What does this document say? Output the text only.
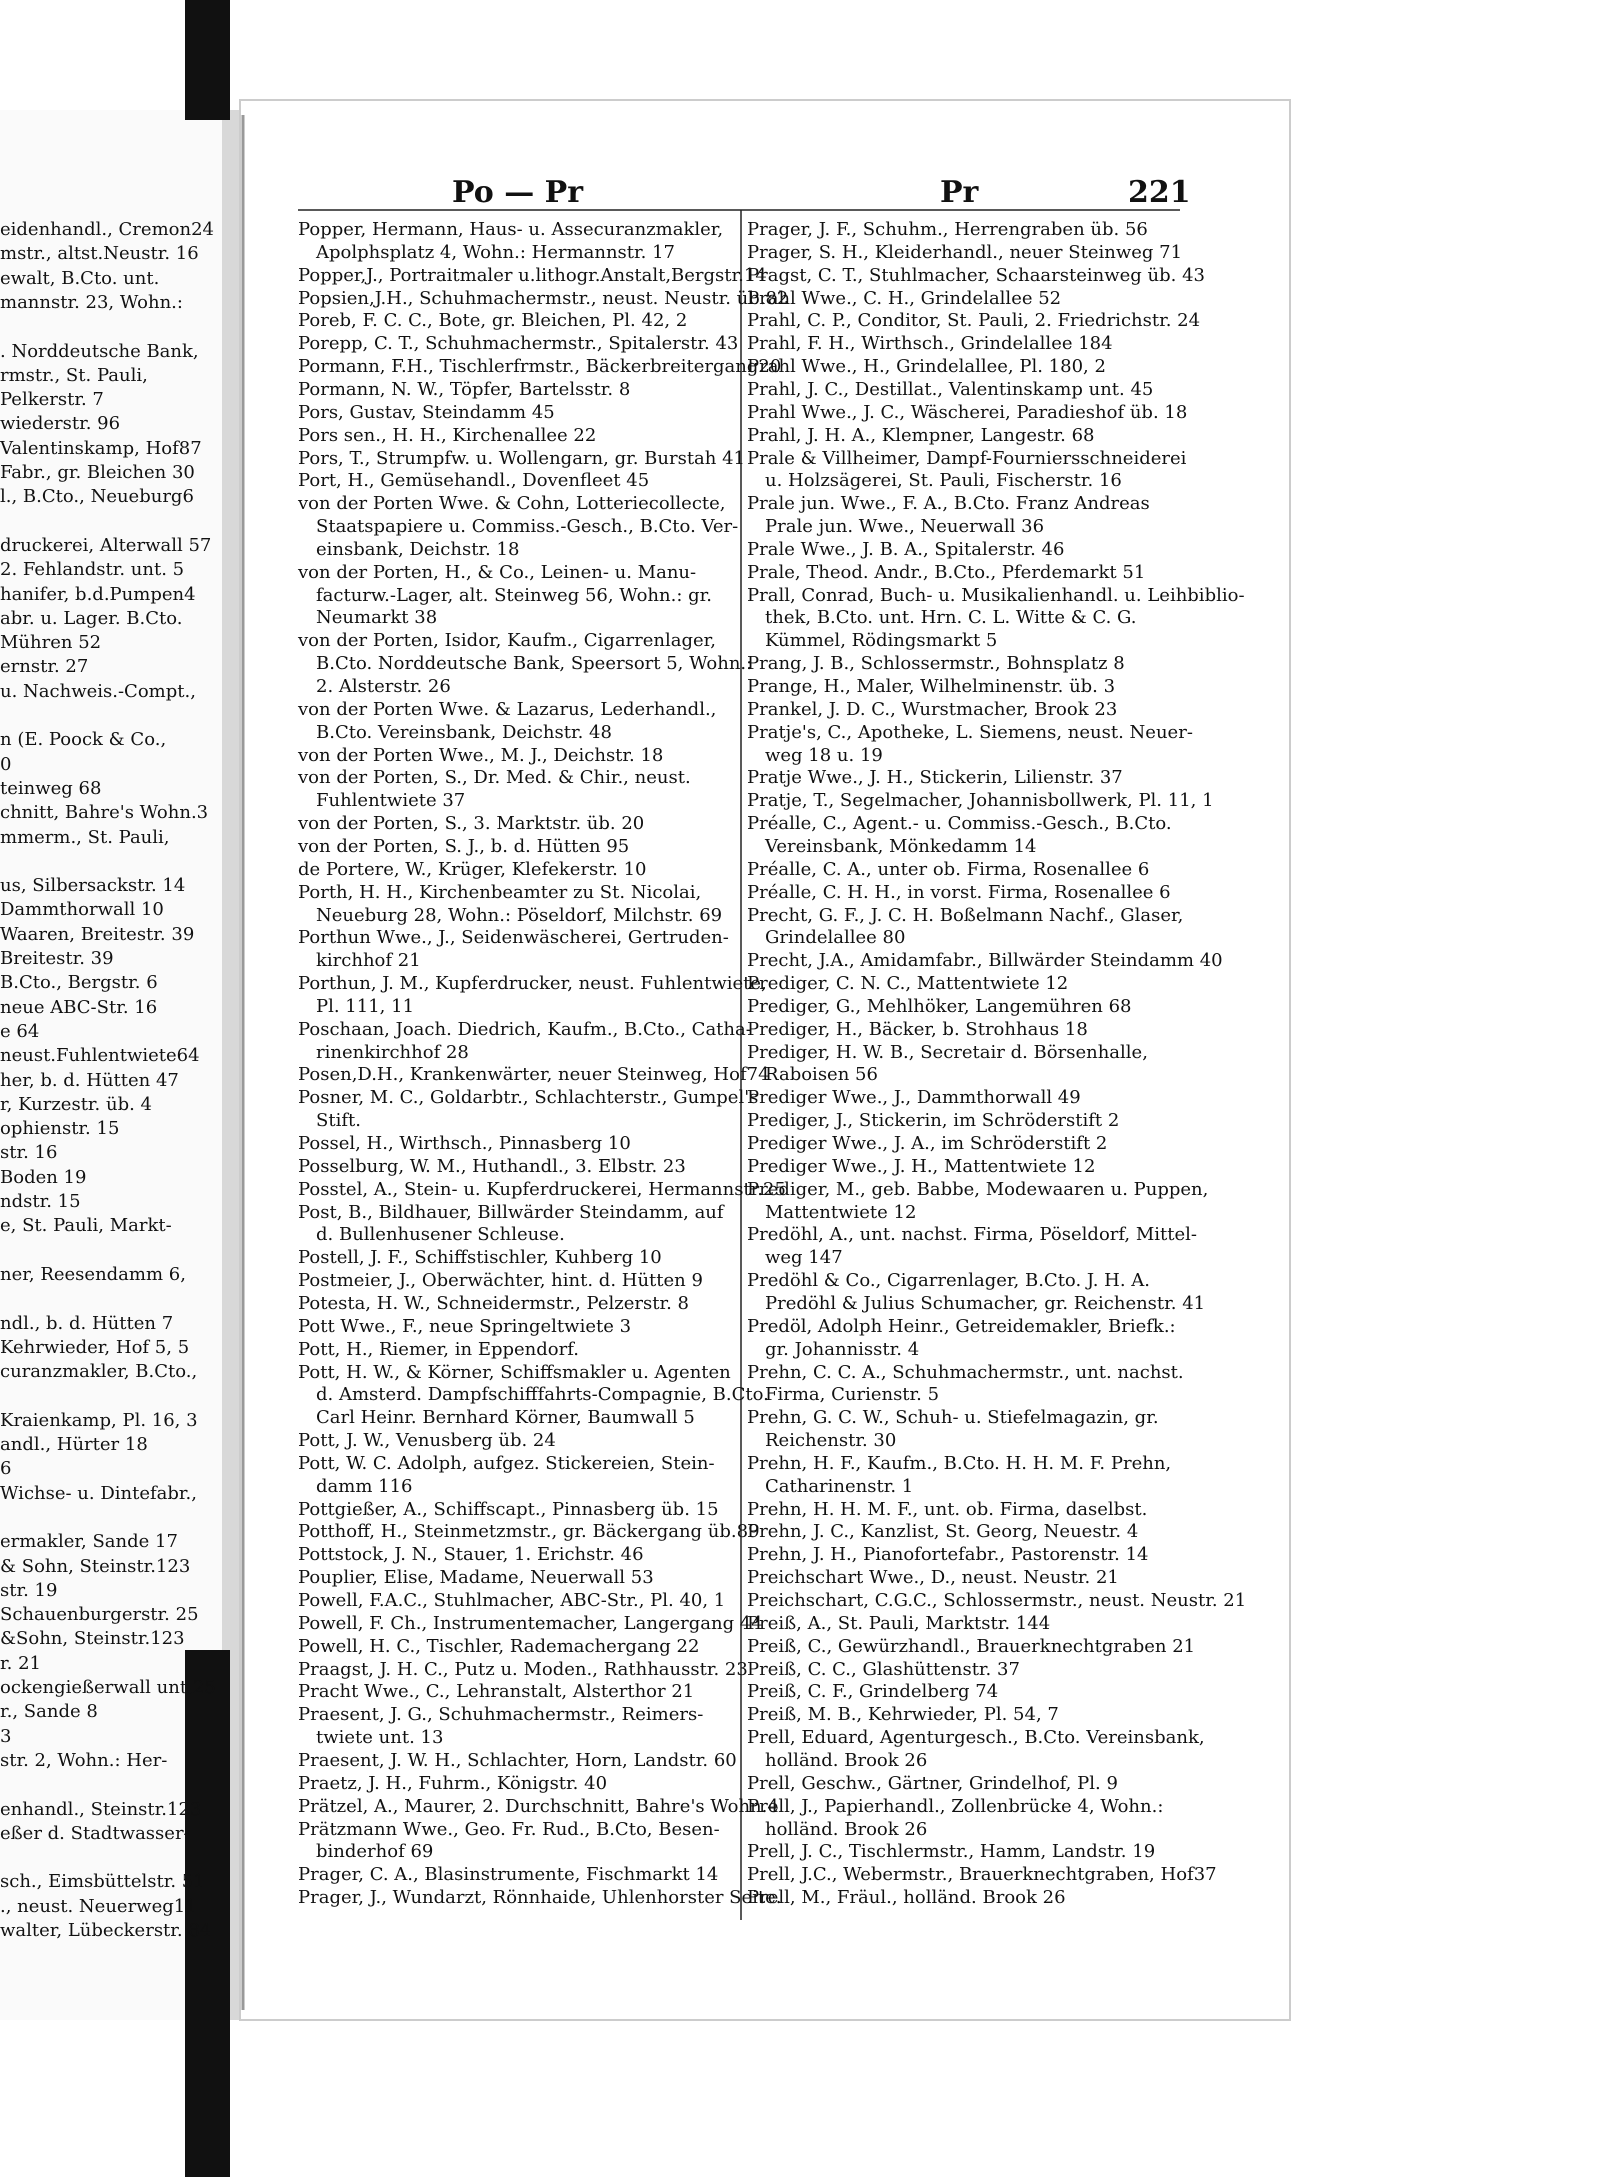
Po — Pr	Pr	221
eidenhandl., Cremon24
mstr., altst.Neustr. 16
ewalt, B.Cto. unt.
mannstr. 23, Wohn.:
. Norddeutsche Bank,
rmstr., St. Pauli,
Pelkerstr. 7
wiederstr. 96
Valentinskamp, Hof87
Fabr., gr. Bleichen 30
l., B.Cto., Neueburg6
druckerei, Alterwall 57
2. Fehlandstr. unt. 5
hanifer, b.d.Pumpen4
abr. u. Lager. B.Cto.
Mühren 52
ernstr. 27
u. Nachweis.-Compt.,
n (E. Poock & Co.,
0
teinweg 68
chnitt, Bahre's Wohn.3
mmerm., St. Pauli,
us, Silbersackstr. 14
Dammthorwall 10
Waaren, Breitestr. 39
Breitestr. 39
B.Cto., Bergstr. 6
neue ABC-Str. 16
e 64
neust.Fuhlentwiete64
her, b. d. Hütten 47
r, Kurzestr. üb. 4
ophienstr. 15
str. 16
Boden 19
ndstr. 15
e, St. Pauli, Markt-
ner, Reesendamm 6,
ndl., b. d. Hütten 7
Kehrwieder, Hof 5, 5
curanzmakler, B.Cto.,
Kraienkamp, Pl. 16, 3
andl., Hürter 18
6
Wichse- u. Dintefabr.,
ermakler, Sande 17
& Sohn, Steinstr.123
str. 19
Schauenburgerstr. 25
&Sohn, Steinstr.123
r. 21
ockengießerwall unt.25
r., Sande 8
3
str. 2, Wohn.: Her-
enhandl., Steinstr.123
eßer d. Stadtwasser-
sch., Eimsbüttelstr. 51
., neust. Neuerweg11
walter, Lübeckerstr. 84
Popper, Hermann, Haus- u. Assecuranzmakler,
 Apolphsplatz 4, Wohn.: Hermannstr. 17
Popper,J., Portraitmaler u.lithogr.Anstalt,Bergstr.14
Popsien,J.H., Schuhmachermstr., neust. Neustr. üb.82
Poreb, F. C. C., Bote, gr. Bleichen, Pl. 42, 2
Porepp, C. T., Schuhmachermstr., Spitalerstr. 43
Pormann, F.H., Tischlerfrmstr., Bäckerbreitergang20
Pormann, N. W., Töpfer, Bartelsstr. 8
Pors, Gustav, Steindamm 45
Pors sen., H. H., Kirchenallee 22
Pors, T., Strumpfw. u. Wollengarn, gr. Burstah 41
Port, H., Gemüsehandl., Dovenfleet 45
von der Porten Wwe. & Cohn, Lotteriecollecte,
 Staatspapiere u. Commiss.-Gesch., B.Cto. Ver-
 einsbank, Deichstr. 18
von der Porten, H., & Co., Leinen- u. Manu-
 facturw.-Lager, alt. Steinweg 56, Wohn.: gr.
 Neumarkt 38
von der Porten, Isidor, Kaufm., Cigarrenlager,
 B.Cto. Norddeutsche Bank, Speersort 5, Wohn.:
 2. Alsterstr. 26
von der Porten Wwe. & Lazarus, Lederhandl.,
 B.Cto. Vereinsbank, Deichstr. 48
von der Porten Wwe., M. J., Deichstr. 18
von der Porten, S., Dr. Med. & Chir., neust.
 Fuhlentwiete 37
von der Porten, S., 3. Marktstr. üb. 20
von der Porten, S. J., b. d. Hütten 95
de Portere, W., Krüger, Klefekerstr. 10
Porth, H. H., Kirchenbeamter zu St. Nicolai,
 Neueburg 28, Wohn.: Pöseldorf, Milchstr. 69
Porthun Wwe., J., Seidenwäscherei, Gertruden-
 kirchhof 21
Porthun, J. M., Kupferdrucker, neust. Fuhlentwiete,
 Pl. 111, 11
Poschaan, Joach. Diedrich, Kaufm., B.Cto., Catha-
 rinenkirchhof 28
Posen,D.H., Krankenwärter, neuer Steinweg, Hof74
Posner, M. C., Goldarbtr., Schlachterstr., Gumpel's
 Stift.
Possel, H., Wirthsch., Pinnasberg 10
Posselburg, W. M., Huthandl., 3. Elbstr. 23
Posstel, A., Stein- u. Kupferdruckerei, Hermannstr.25
Post, B., Bildhauer, Billwärder Steindamm, auf
 d. Bullenhusener Schleuse.
Postell, J. F., Schiffstischler, Kuhberg 10
Postmeier, J., Oberwächter, hint. d. Hütten 9
Potesta, H. W., Schneidermstr., Pelzerstr. 8
Pott Wwe., F., neue Springeltwiete 3
Pott, H., Riemer, in Eppendorf.
Pott, H. W., & Körner, Schiffsmakler u. Agenten
 d. Amsterd. Dampfschifffahrts-Compagnie, B.Cto.
 Carl Heinr. Bernhard Körner, Baumwall 5
Pott, J. W., Venusberg üb. 24
Pott, W. C. Adolph, aufgez. Stickereien, Stein-
 damm 116
Pottgießer, A., Schiffscapt., Pinnasberg üb. 15
Potthoff, H., Steinmetzmstr., gr. Bäckergang üb.89
Pottstock, J. N., Stauer, 1. Erichstr. 46
Pouplier, Elise, Madame, Neuerwall 53
Powell, F.A.C., Stuhlmacher, ABC-Str., Pl. 40, 1
Powell, F. Ch., Instrumentemacher, Langergang 44
Powell, H. C., Tischler, Rademachergang 22
Praagst, J. H. C., Putz u. Moden., Rathhausstr. 23
Pracht Wwe., C., Lehranstalt, Alsterthor 21
Praesent, J. G., Schuhmachermstr., Reimers-
 twiete unt. 13
Praesent, J. W. H., Schlachter, Horn, Landstr. 60
Praetz, J. H., Fuhrm., Königstr. 40
Prätzel, A., Maurer, 2. Durchschnitt, Bahre's Wohn.4
Prätzmann Wwe., Geo. Fr. Rud., B.Cto, Besen-
 binderhof 69
Prager, C. A., Blasinstrumente, Fischmarkt 14
Prager, J., Wundarzt, Rönnhaide, Uhlenhorster Seite.
Prager, J. F., Schuhm., Herrengraben üb. 56
Prager, S. H., Kleiderhandl., neuer Steinweg 71
Pragst, C. T., Stuhlmacher, Schaarsteinweg üb. 43
Prahl Wwe., C. H., Grindelallee 52
Prahl, C. P., Conditor, St. Pauli, 2. Friedrichstr. 24
Prahl, F. H., Wirthsch., Grindelallee 184
Prahl Wwe., H., Grindelallee, Pl. 180, 2
Prahl, J. C., Destillat., Valentinskamp unt. 45
Prahl Wwe., J. C., Wäscherei, Paradieshof üb. 18
Prahl, J. H. A., Klempner, Langestr. 68
Prale & Villheimer, Dampf-Fourniersschneiderei
 u. Holzsägerei, St. Pauli, Fischerstr. 16
Prale jun. Wwe., F. A., B.Cto. Franz Andreas
 Prale jun. Wwe., Neuerwall 36
Prale Wwe., J. B. A., Spitalerstr. 46
Prale, Theod. Andr., B.Cto., Pferdemarkt 51
Prall, Conrad, Buch- u. Musikalienhandl. u. Leihbiblio-
 thek, B.Cto. unt. Hrn. C. L. Witte & C. G.
 Kümmel, Rödingsmarkt 5
Prang, J. B., Schlossermstr., Bohnsplatz 8
Prange, H., Maler, Wilhelminenstr. üb. 3
Prankel, J. D. C., Wurstmacher, Brook 23
Pratje's, C., Apotheke, L. Siemens, neust. Neuer-
 weg 18 u. 19
Pratje Wwe., J. H., Stickerin, Lilienstr. 37
Pratje, T., Segelmacher, Johannisbollwerk, Pl. 11, 1
Préalle, C., Agent.- u. Commiss.-Gesch., B.Cto.
 Vereinsbank, Mönkedamm 14
Préalle, C. A., unter ob. Firma, Rosenallee 6
Préalle, C. H. H., in vorst. Firma, Rosenallee 6
Precht, G. F., J. C. H. Boßelmann Nachf., Glaser,
 Grindelallee 80
Precht, J.A., Amidamfabr., Billwärder Steindamm 40
Prediger, C. N. C., Mattentwiete 12
Prediger, G., Mehlhöker, Langemühren 68
Prediger, H., Bäcker, b. Strohhaus 18
Prediger, H. W. B., Secretair d. Börsenhalle,
 Raboisen 56
Prediger Wwe., J., Dammthorwall 49
Prediger, J., Stickerin, im Schröderstift 2
Prediger Wwe., J. A., im Schröderstift 2
Prediger Wwe., J. H., Mattentwiete 12
Prediger, M., geb. Babbe, Modewaaren u. Puppen,
 Mattentwiete 12
Predöhl, A., unt. nachst. Firma, Pöseldorf, Mittel-
 weg 147
Predöhl & Co., Cigarrenlager, B.Cto. J. H. A.
 Predöhl & Julius Schumacher, gr. Reichenstr. 41
Predöl, Adolph Heinr., Getreidemakler, Briefk.:
 gr. Johannisstr. 4
Prehn, C. C. A., Schuhmachermstr., unt. nachst.
 Firma, Curienstr. 5
Prehn, G. C. W., Schuh- u. Stiefelmagazin, gr.
 Reichenstr. 30
Prehn, H. F., Kaufm., B.Cto. H. H. M. F. Prehn,
 Catharinenstr. 1
Prehn, H. H. M. F., unt. ob. Firma, daselbst.
Prehn, J. C., Kanzlist, St. Georg, Neuestr. 4
Prehn, J. H., Pianofortefabr., Pastorenstr. 14
Preichschart Wwe., D., neust. Neustr. 21
Preichschart, C.G.C., Schlossermstr., neust. Neustr. 21
Preiß, A., St. Pauli, Marktstr. 144
Preiß, C., Gewürzhandl., Brauerknechtgraben 21
Preiß, C. C., Glashüttenstr. 37
Preiß, C. F., Grindelberg 74
Preiß, M. B., Kehrwieder, Pl. 54, 7
Prell, Eduard, Agenturgesch., B.Cto. Vereinsbank,
 holländ. Brook 26
Prell, Geschw., Gärtner, Grindelhof, Pl. 9
Prell, J., Papierhandl., Zollenbrücke 4, Wohn.:
 holländ. Brook 26
Prell, J. C., Tischlermstr., Hamm, Landstr. 19
Prell, J.C., Webermstr., Brauerknechtgraben, Hof37
Prell, M., Fräul., holländ. Brook 26
